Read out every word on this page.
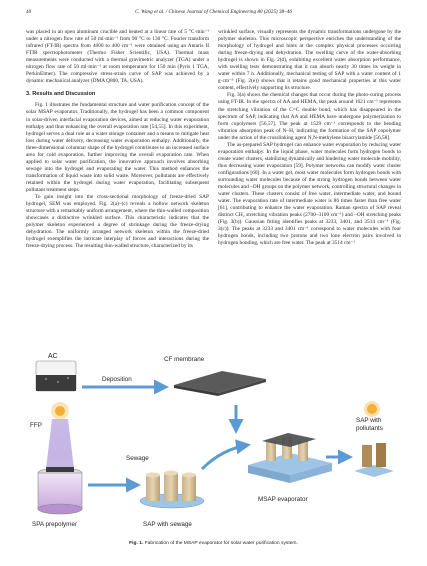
40	C. Wang et al. / Chinese Journal of Chemical Engineering 80 (2025) 38–46

was placed in an open aluminum crucible and heated at a linear rate of 5 °C·min⁻¹ under a nitrogen flow rate of 50 ml·min⁻¹ from 90 °C to 130 °C. Fourier transform infrared (FT-IR) spectra from 4000 to 400 cm⁻¹ were obtained using an Antaris II FTIR spectrophotometer (Thermo Fisher Scientific, USA). Thermal mass measurements were conducted with a thermal gravimetric analyzer (TGA) under a nitrogen flow rate of 50 ml·min⁻¹ at room temperature for 150 min (Pyris 1 TGA, PerkinElmer). The compressive stress-strain curve of SAP was achieved by a dynamic mechanical analyzer (DMA Q800, TA, USA).

3. Results and Discussion

Fig. 1 illustrates the fundamental structure and water purification concept of the solar MSAP evaporator. Traditionally, the hydrogel has been a common component in solar-driven interfacial evaporation devices, aimed at reducing water evaporation enthalpy and thus enhancing the overall evaporation rate [54,55]. In this experiment, hydrogel serves a dual role as a water storage container and a means to mitigate heat loss during water delivery, decreasing water evaporation enthalpy. Additionally, the three-dimensional columnar shape of the hydrogel contributes to an increased surface area for cold evaporation, further improving the overall evaporation rate. When applied to solar water purification, the innovative approach involves absorbing sewage into the hydrogel and evaporating the water. This method enhances the transformation of liquid waste into solid waste. Moreover, pollutants are effectively retained within the hydrogel during water evaporation, facilitating subsequent pollutant treatment steps.

To gain insight into the cross-sectional morphology of freeze-dried SAP hydrogel, SEM was employed. Fig. 2(a)–(c) reveals a hollow network skeleton structure with a remarkably uniform arrangement, where the thin-walled composition showcases a distinctive wrinkled surface. This characteristic indicates that the polymer skeleton experienced a degree of shrinkage during the freeze-drying dehydration. The uniformly arranged network skeleton within the freeze-dried hydrogel exemplifies the intricate interplay of forces and interactions during the freeze-drying process. The resulting thin-walled structure, characterized by its

wrinkled surface, visually represents the dynamic transformations undergone by the polymer skeleton. This microscopic perspective enriches the understanding of the morphology of hydrogel and hints at the complex physical processes occurring during freeze-drying and dehydration. The swelling curve of the water-absorbing hydrogel is shown in Fig. 2(d), exhibiting excellent water absorption performance, with swelling tests demonstrating that it can absorb nearly 30 times its weight in water within 7 h. Additionally, mechanical testing of SAP with a water content of 1 g·cm⁻³ (Fig. 2(e)) shows that it retains good mechanical properties at this water content, effectively supporting its structure.

Fig. 3(a) shows the chemical changes that occur during the photo-curing process using FT-IR. In the spectra of AA and HEMA, the peak around 1621 cm⁻¹ represents the stretching vibration of the C=C double bond, which has disappeared in the spectrum of SAP, indicating that AA and HEMA have undergone polymerization to form copolymers [56,57]. The peak at 1529 cm⁻¹ corresponds to the bending vibration absorption peak of N–H, indicating the formation of the SAP copolymer under the action of the crosslinking agent N,N-methylene bisacrylamide [56,58].

The as-prepared SAP hydrogel can enhance water evaporation by reducing water evaporation enthalpy. In the liquid phase, water molecules form hydrogen bonds to create water clusters, stabilizing dynamically and hindering water molecule mobility, thus decreasing water evaporation [59]. Polymer networks can modify water cluster configurations [60]. In a water gel, most water molecules form hydrogen bonds with surrounding water molecules because of the strong hydrogen bonds between water molecules and –OH groups on the polymer network, controlling structural changes in water clusters. These clusters consist of free water, intermediate water, and bound water. The evaporation rate of intermediate water is 86 times faster than free water [61], contributing to enhance the water evaporation. Raman spectra of SAP reveal distinct CH₂ stretching vibration peaks (2700–3100 cm⁻¹) and –OH stretching peaks (Fig. 3(b)). Gaussian fitting identifies peaks at 3233, 3401, and 3514 cm⁻¹ (Fig. 3(c)). The peaks at 3233 and 3401 cm⁻¹ correspond to water molecules with four hydrogen bonds, including two protons and two lone electron pairs involved in hydrogen bonding, which are free water. The peak at 3514 cm⁻¹

AC
Deposition
CF membrane
FFP
SPA prepolymer
Sewage
SAP with sewage
MSAP evaporator
SAP with
pollutants
Fig. 1. Fabrication of the MSAP evaporator for solar water purification system.
